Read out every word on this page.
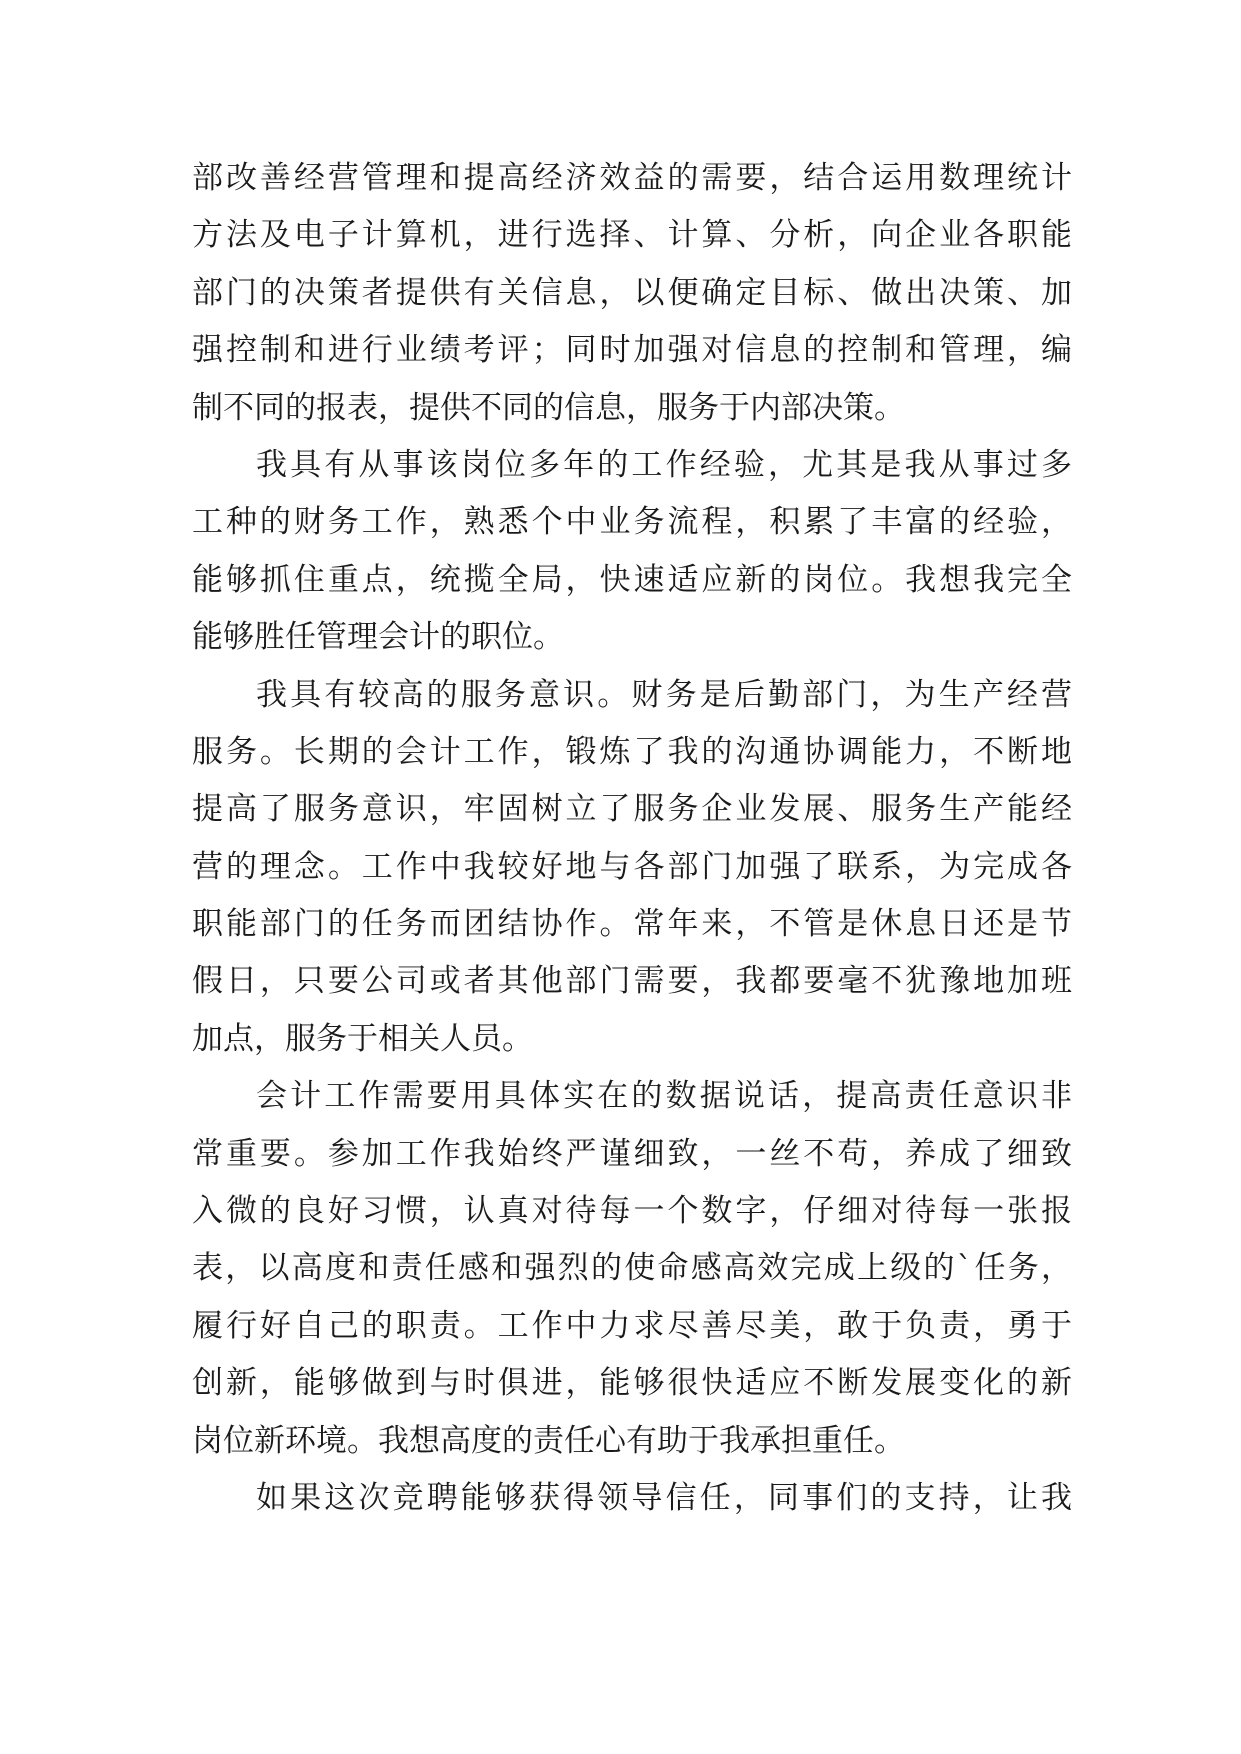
部改善经营管理和提高经济效益的需要，结合运用数理统计
方法及电子计算机，进行选择、计算、分析，向企业各职能
部门的决策者提供有关信息，以便确定目标、做出决策、加
强控制和进行业绩考评；同时加强对信息的控制和管理，编
制不同的报表，提供不同的信息，服务于内部决策。
我具有从事该岗位多年的工作经验，尤其是我从事过多
工种的财务工作，熟悉个中业务流程，积累了丰富的经验，
能够抓住重点，统揽全局，快速适应新的岗位。我想我完全
能够胜任管理会计的职位。
我具有较高的服务意识。财务是后勤部门，为生产经营
服务。长期的会计工作，锻炼了我的沟通协调能力，不断地
提高了服务意识，牢固树立了服务企业发展、服务生产能经
营的理念。工作中我较好地与各部门加强了联系，为完成各
职能部门的任务而团结协作。常年来，不管是休息日还是节
假日，只要公司或者其他部门需要，我都要毫不犹豫地加班
加点，服务于相关人员。
会计工作需要用具体实在的数据说话，提高责任意识非
常重要。参加工作我始终严谨细致，一丝不苟，养成了细致
入微的良好习惯，认真对待每一个数字，仔细对待每一张报
表，以高度和责任感和强烈的使命感高效完成上级的`任务，
履行好自己的职责。工作中力求尽善尽美，敢于负责，勇于
创新，能够做到与时俱进，能够很快适应不断发展变化的新
岗位新环境。我想高度的责任心有助于我承担重任。
如果这次竞聘能够获得领导信任，同事们的支持，让我
